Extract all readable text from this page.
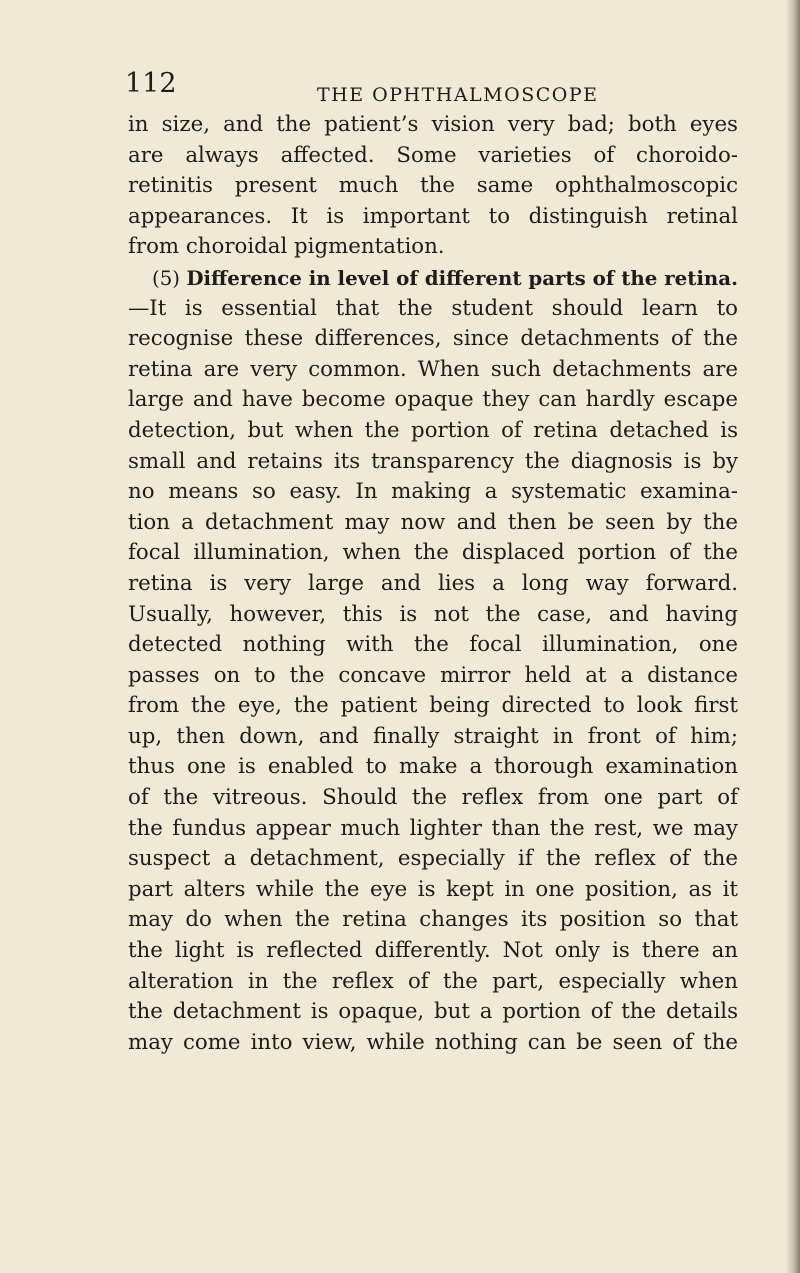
112	THE OPHTHALMOSCOPE
in size, and the patient’s vision very bad; both eyes
are always affected. Some varieties of choroido-
retinitis present much the same ophthalmoscopic
appearances. It is important to distinguish retinal
from choroidal pigmentation.
(5) Difference in level of different parts of the retina.
—It is essential that the student should learn to
recognise these differences, since detachments of the
retina are very common. When such detachments are
large and have become opaque they can hardly escape
detection, but when the portion of retina detached is
small and retains its transparency the diagnosis is by
no means so easy. In making a systematic examina-
tion a detachment may now and then be seen by the
focal illumination, when the displaced portion of the
retina is very large and lies a long way forward.
Usually, however, this is not the case, and having
detected nothing with the focal illumination, one
passes on to the concave mirror held at a distance
from the eye, the patient being directed to look first
up, then down, and finally straight in front of him;
thus one is enabled to make a thorough examination
of the vitreous. Should the reflex from one part of
the fundus appear much lighter than the rest, we may
suspect a detachment, especially if the reflex of the
part alters while the eye is kept in one position, as it
may do when the retina changes its position so that
the light is reflected differently. Not only is there an
alteration in the reflex of the part, especially when
the detachment is opaque, but a portion of the details
may come into view, while nothing can be seen of the
